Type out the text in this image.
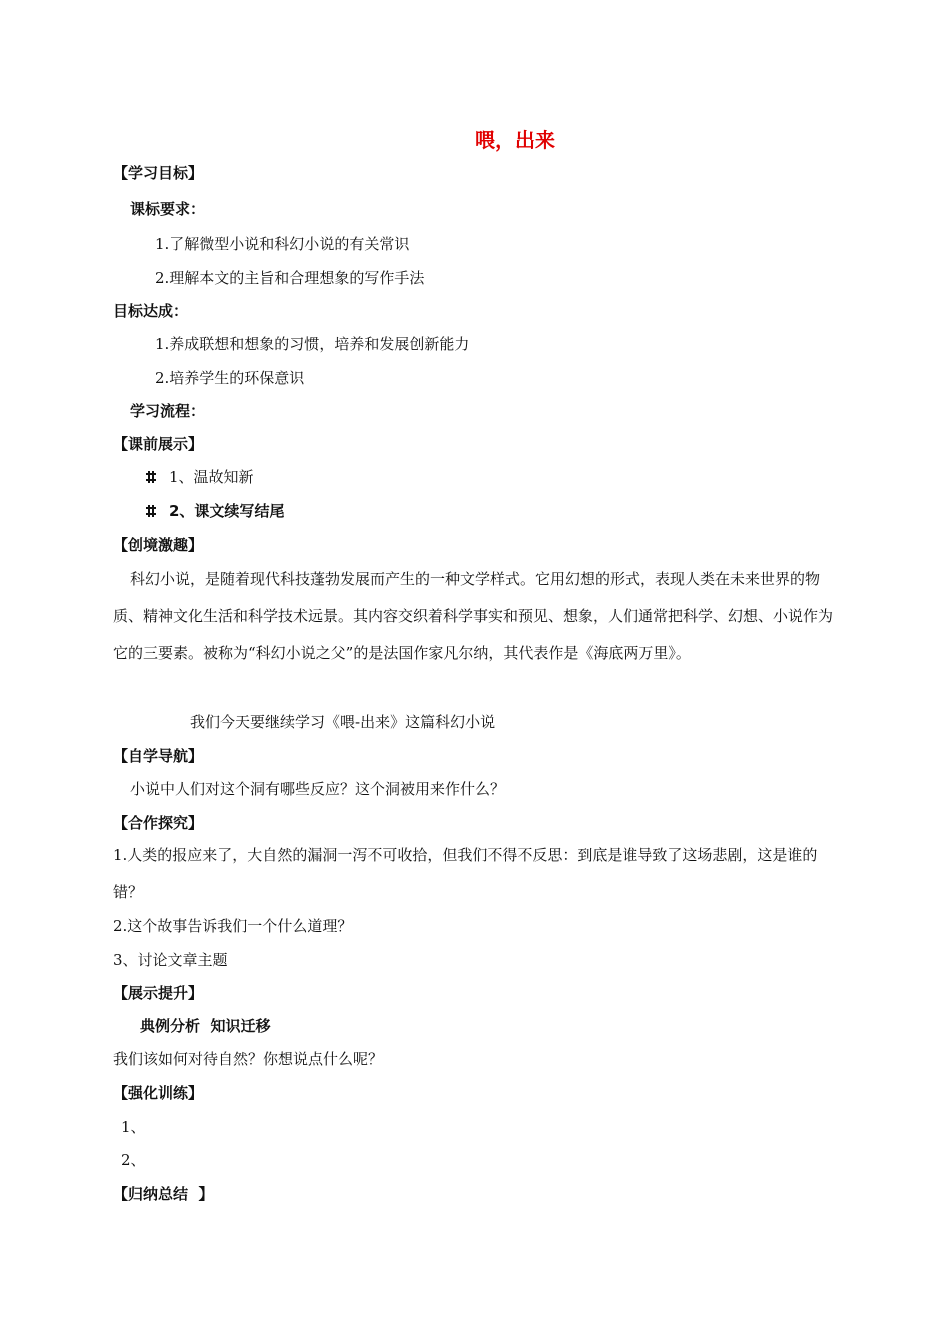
喂，出来
【学习目标】
课标要求：
1.了解微型小说和科幻小说的有关常识
2.理解本文的主旨和合理想象的写作手法
目标达成：
1.养成联想和想象的习惯，培养和发展创新能力
2.培养学生的环保意识
学习流程：
【课前展示】
1、温故知新
2、课文续写结尾
【创境激趣】
科幻小说，是随着现代科技蓬勃发展而产生的一种文学样式。它用幻想的形式，表现人类在未来世界的物质、精神文化生活和科学技术远景。其内容交织着科学事实和预见、想象，人们通常把科学、幻想、小说作为它的三要素。被称为“科幻小说之父”的是法国作家凡尔纳，其代表作是《海底两万里》。
我们今天要继续学习《喂-出来》这篇科幻小说
【自学导航】
小说中人们对这个洞有哪些反应？这个洞被用来作什么？
【合作探究】
1.人类的报应来了，大自然的漏洞一泻不可收拾，但我们不得不反思：到底是谁导致了这场悲剧，这是谁的错？
2.这个故事告诉我们一个什么道理？
3、讨论文章主题
【展示提升】
典例分析  知识迁移
我们该如何对待自然？你想说点什么呢？
【强化训练】
1、
2、
【归纳总结  】
